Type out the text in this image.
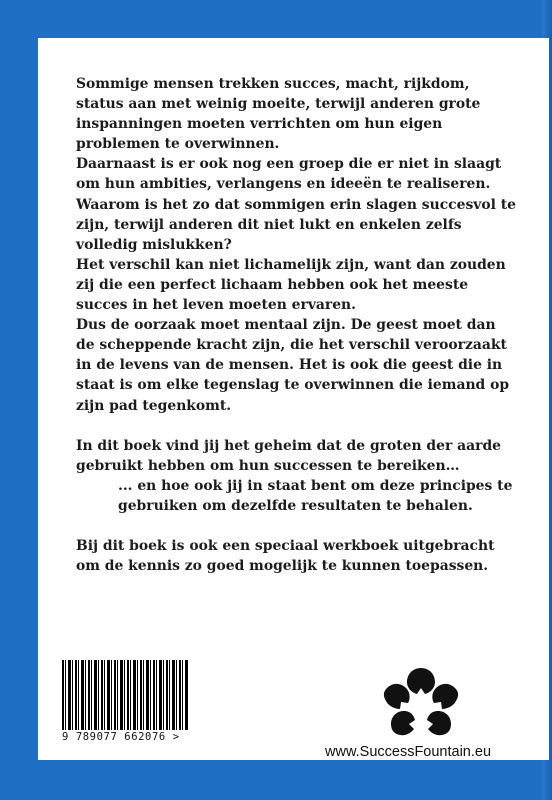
Sommige mensen trekken succes, macht, rijkdom, status aan met weinig moeite, terwijl anderen grote inspanningen moeten verrichten om hun eigen problemen te overwinnen.

Daarnaast is er ook nog een groep die er niet in slaagt om hun ambities, verlangens en ideeën te realiseren.

Waarom is het zo dat sommigen erin slagen succesvol te zijn, terwijl anderen dit niet lukt en enkelen zelfs volledig mislukken?

Het verschil kan niet lichamelijk zijn, want dan zouden zij die een perfect lichaam hebben ook het meeste succes in het leven moeten ervaren.

Dus de oorzaak moet mentaal zijn. De geest moet dan de scheppende kracht zijn, die het verschil veroorzaakt in de levens van de mensen. Het is ook die geest die in staat is om elke tegenslag te overwinnen die iemand op zijn pad tegenkomt.

In dit boek vind jij het geheim dat de groten der aarde gebruikt hebben om hun successen te bereiken…

... en hoe ook jij in staat bent om deze principes te gebruiken om dezelfde resultaten te behalen.

Bij dit boek is ook een speciaal werkboek uitgebracht om de kennis zo goed mogelijk te kunnen toepassen.

9 789077 662076 >
www.SuccessFountain.eu
